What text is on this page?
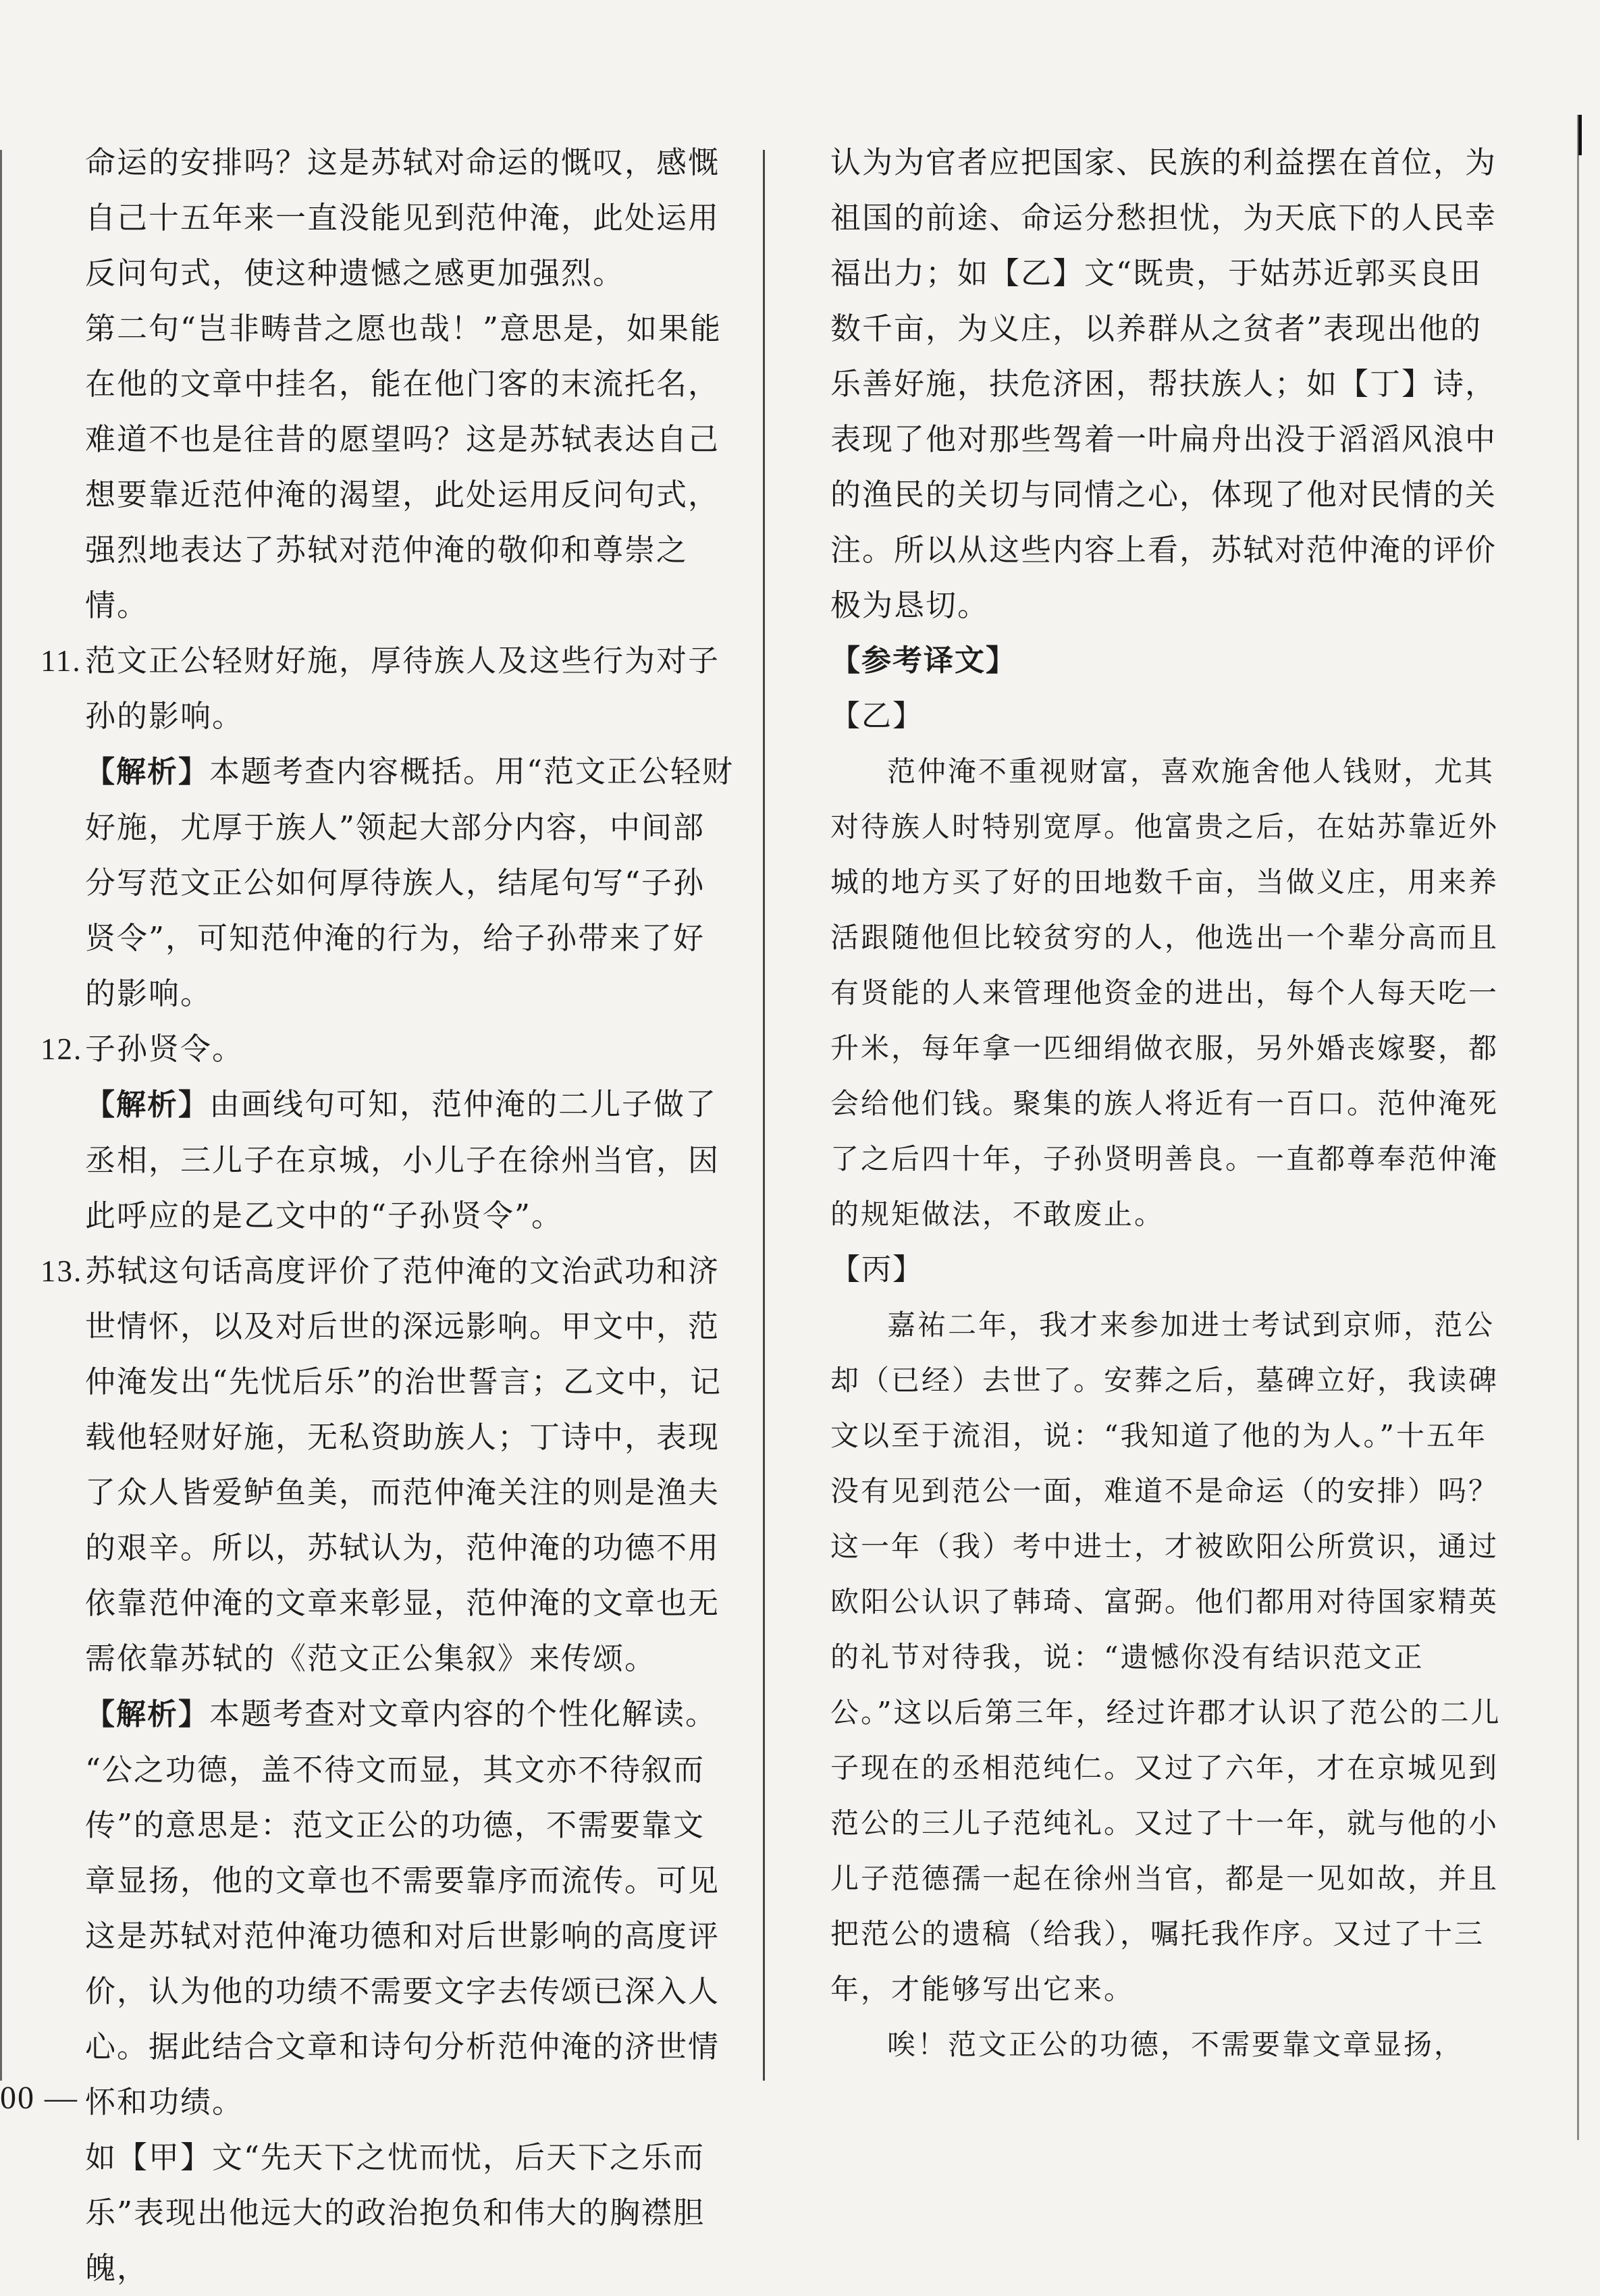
命运的安排吗？这是苏轼对命运的慨叹，感慨自己十五年来一直没能见到范仲淹，此处运用反问句式，使这种遗憾之感更加强烈。

第二句“岂非畴昔之愿也哉！”意思是，如果能在他的文章中挂名，能在他门客的末流托名，难道不也是往昔的愿望吗？这是苏轼表达自己想要靠近范仲淹的渴望，此处运用反问句式，强烈地表达了苏轼对范仲淹的敬仰和尊崇之情。

11. 范文正公轻财好施，厚待族人及这些行为对子孙的影响。

【解析】本题考查内容概括。用“范文正公轻财好施，尤厚于族人”领起大部分内容，中间部分写范文正公如何厚待族人，结尾句写“子孙贤令”，可知范仲淹的行为，给子孙带来了好的影响。

12. 子孙贤令。

【解析】由画线句可知，范仲淹的二儿子做了丞相，三儿子在京城，小儿子在徐州当官，因此呼应的是乙文中的“子孙贤令”。

13. 苏轼这句话高度评价了范仲淹的文治武功和济世情怀，以及对后世的深远影响。甲文中，范仲淹发出“先忧后乐”的治世誓言；乙文中，记载他轻财好施，无私资助族人；丁诗中，表现了众人皆爱鲈鱼美，而范仲淹关注的则是渔夫的艰辛。所以，苏轼认为，范仲淹的功德不用依靠范仲淹的文章来彰显，范仲淹的文章也无需依靠苏轼的《范文正公集叙》来传颂。

【解析】本题考查对文章内容的个性化解读。

“公之功德，盖不待文而显，其文亦不待叙而传”的意思是：范文正公的功德，不需要靠文章显扬，他的文章也不需要靠序而流传。可见这是苏轼对范仲淹功德和对后世影响的高度评价，认为他的功绩不需要文字去传颂已深入人心。据此结合文章和诗句分析范仲淹的济世情怀和功绩。

如【甲】文“先天下之忧而忧，后天下之乐而乐”表现出他远大的政治抱负和伟大的胸襟胆魄，

认为为官者应把国家、民族的利益摆在首位，为祖国的前途、命运分愁担忧，为天底下的人民幸福出力；如【乙】文“既贵，于姑苏近郭买良田数千亩，为义庄，以养群从之贫者”表现出他的乐善好施，扶危济困，帮扶族人；如【丁】诗，表现了他对那些驾着一叶扁舟出没于滔滔风浪中的渔民的关切与同情之心，体现了他对民情的关注。所以从这些内容上看，苏轼对范仲淹的评价极为恳切。

【参考译文】

【乙】

范仲淹不重视财富，喜欢施舍他人钱财，尤其对待族人时特别宽厚。他富贵之后，在姑苏靠近外城的地方买了好的田地数千亩，当做义庄，用来养活跟随他但比较贫穷的人，他选出一个辈分高而且有贤能的人来管理他资金的进出，每个人每天吃一升米，每年拿一匹细绢做衣服，另外婚丧嫁娶，都会给他们钱。聚集的族人将近有一百口。范仲淹死了之后四十年，子孙贤明善良。一直都尊奉范仲淹的规矩做法，不敢废止。

【丙】

嘉祐二年，我才来参加进士考试到京师，范公却（已经）去世了。安葬之后，墓碑立好，我读碑文以至于流泪，说：“我知道了他的为人。”十五年没有见到范公一面，难道不是命运（的安排）吗？这一年（我）考中进士，才被欧阳公所赏识，通过欧阳公认识了韩琦、富弼。他们都用对待国家精英的礼节对待我，说：“遗憾你没有结识范文正公。”这以后第三年，经过许郡才认识了范公的二儿子现在的丞相范纯仁。又过了六年，才在京城见到范公的三儿子范纯礼。又过了十一年，就与他的小儿子范德孺一起在徐州当官，都是一见如故，并且把范公的遗稿（给我），嘱托我作序。又过了十三年，才能够写出它来。

唉！范文正公的功德，不需要靠文章显扬，

00 —
